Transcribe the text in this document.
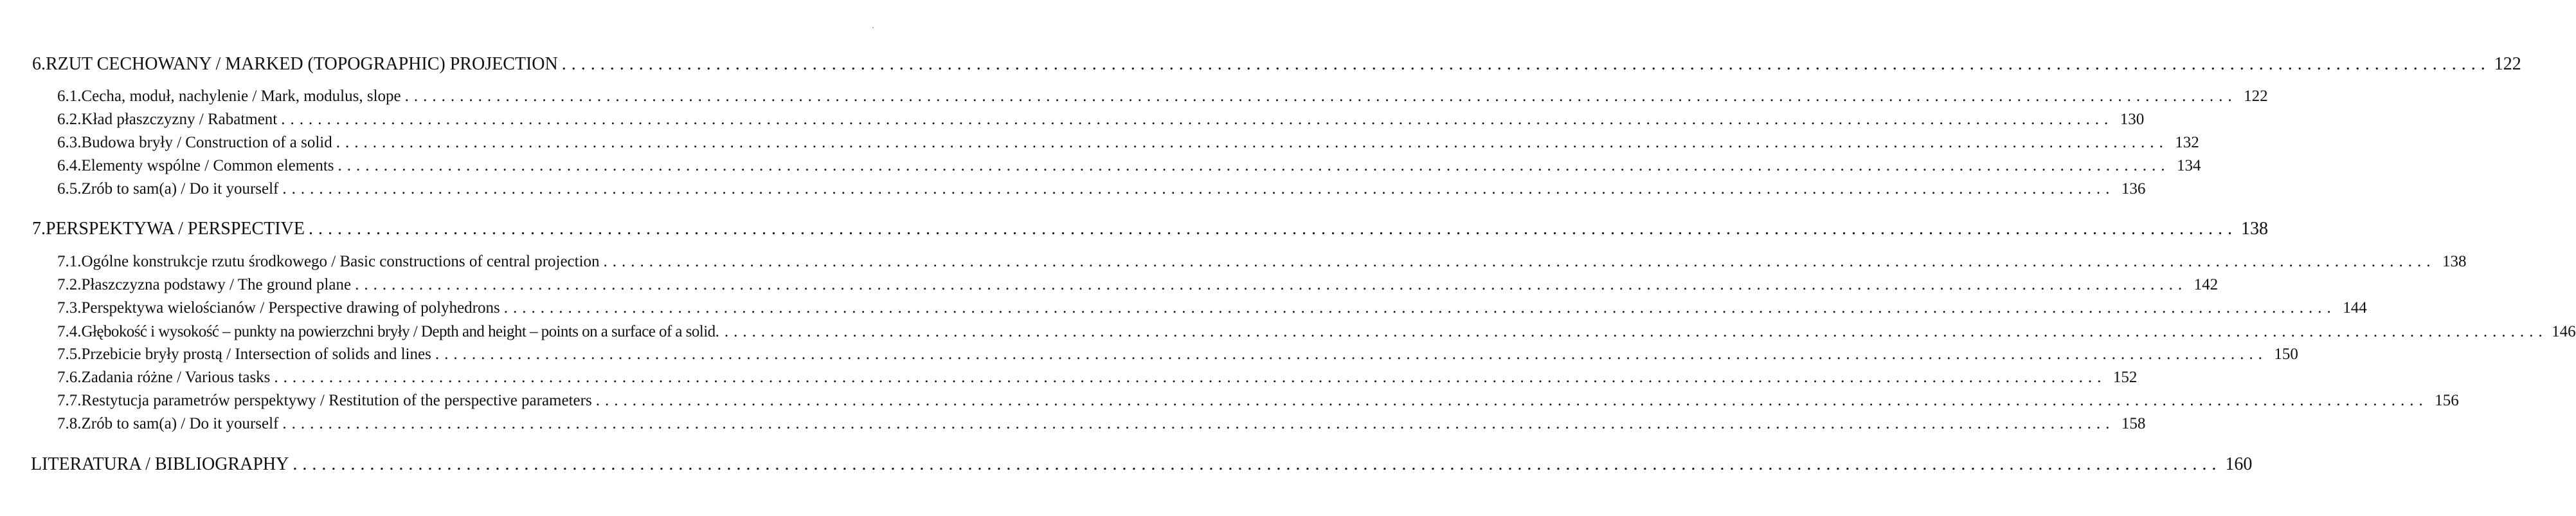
6. RZUT CECHOWANY / MARKED (TOPOGRAPHIC) PROJECTION ........................................................................................................................................................................................................ 122
6.1. Cecha, moduł, nachylenie / Mark, modulus, slope ........................................................................................................................................................................................................ 122
6.2. Kład płaszczyzny / Rabatment ........................................................................................................................................................................................................ 130
6.3. Budowa bryły / Construction of a solid ........................................................................................................................................................................................................ 132
6.4. Elementy wspólne / Common elements ........................................................................................................................................................................................................ 134
6.5. Zrób to sam(a) / Do it yourself ........................................................................................................................................................................................................ 136
7. PERSPEKTYWA / PERSPECTIVE ........................................................................................................................................................................................................ 138
7.1. Ogólne konstrukcje rzutu środkowego / Basic constructions of central projection ........................................................................................................................................................................................................ 138
7.2. Płaszczyzna podstawy / The ground plane ........................................................................................................................................................................................................ 142
7.3. Perspektywa wielościanów / Perspective drawing of polyhedrons ........................................................................................................................................................................................................ 144
7.4. Głębokość i wysokość – punkty na powierzchni bryły / Depth and height – points on a surface of a solid ........................................................................................................................................................................................................ 146
7.5. Przebicie bryły prostą / Intersection of solids and lines ........................................................................................................................................................................................................ 150
7.6. Zadania różne / Various tasks ........................................................................................................................................................................................................ 152
7.7. Restytucja parametrów perspektywy / Restitution of the perspective parameters ........................................................................................................................................................................................................ 156
7.8. Zrób to sam(a) / Do it yourself ........................................................................................................................................................................................................ 158
LITERATURA / BIBLIOGRAPHY ........................................................................................................................................................................................................ 160
